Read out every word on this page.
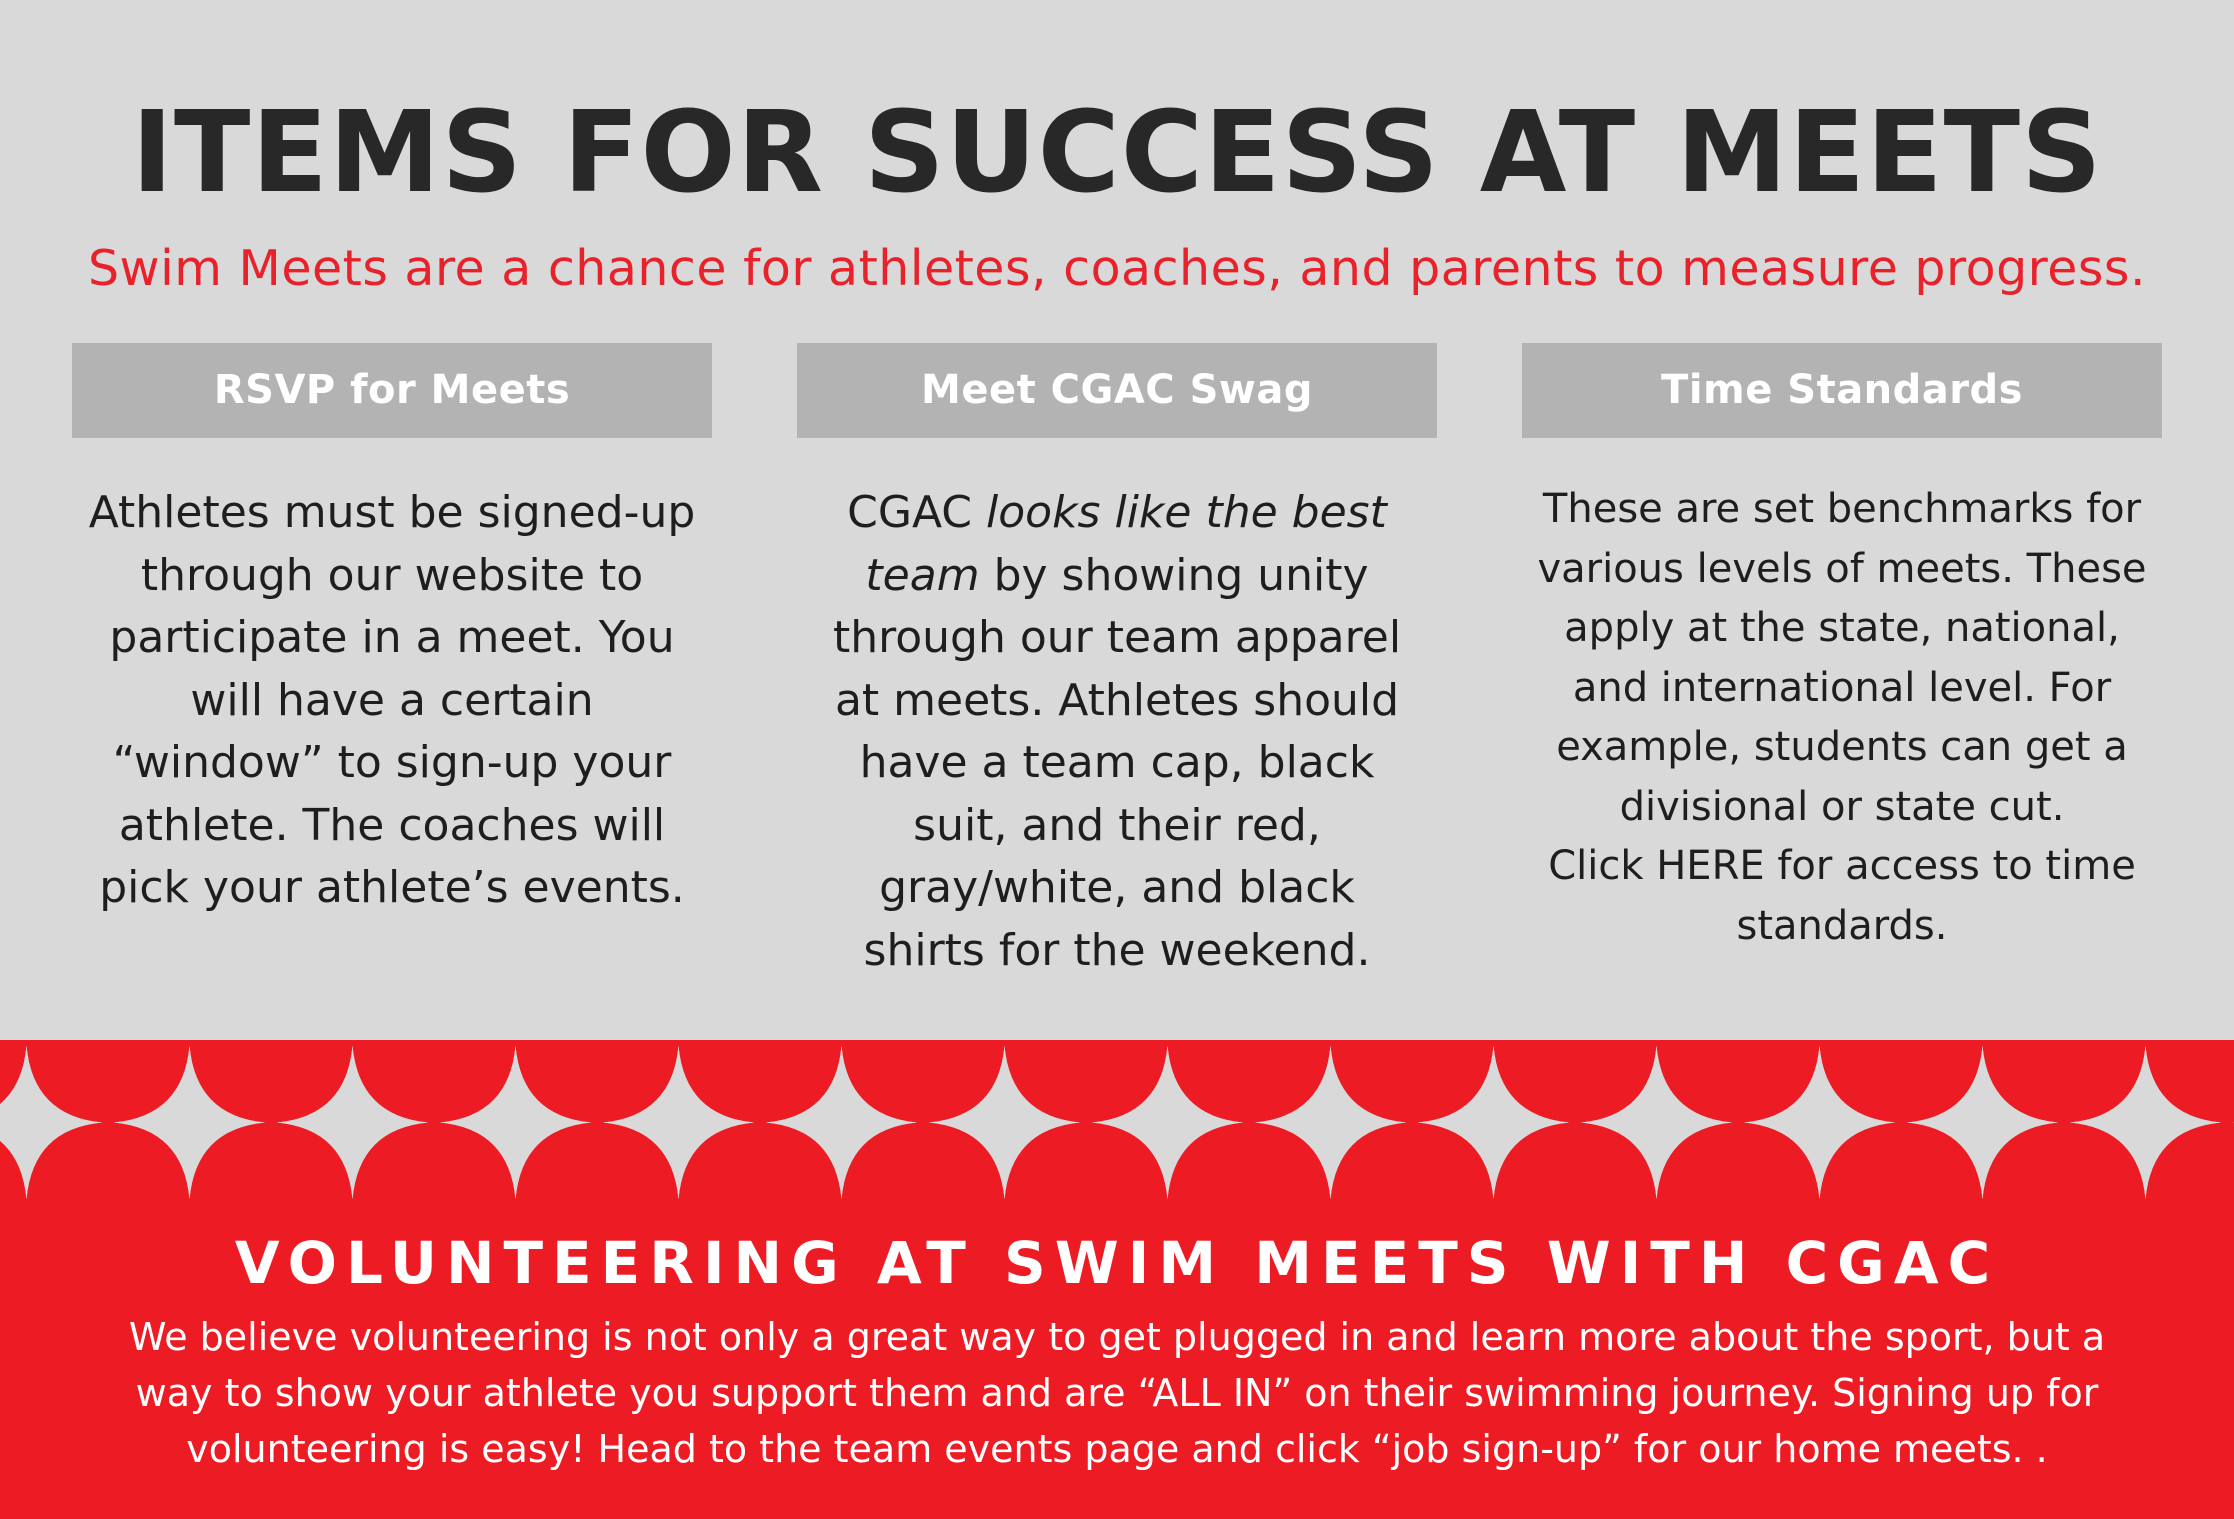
ITEMS FOR SUCCESS AT MEETS
Swim Meets are a chance for athletes, coaches, and parents to measure progress.
RSVP for Meets

Athletes must be signed-up

through our website to

participate in a meet. You

will have a certain

“window” to sign-up your

athlete. The coaches will

pick your athlete’s events.

Meet CGAC Swag

CGAC looks like the best

team by showing unity

through our team apparel

at meets. Athletes should

have a team cap, black

suit, and their red,

gray/white, and black

shirts for the weekend.

Time Standards

These are set benchmarks for

various levels of meets. These

apply at the state, national,

and international level. For

example, students can get a

divisional or state cut.

Click HERE for access to time

standards.

VOLUNTEERING AT SWIM MEETS WITH CGAC

We believe volunteering is not only a great way to get plugged in and learn more about the sport, but a

way to show your athlete you support them and are “ALL IN” on their swimming journey. Signing up for

volunteering is easy! Head to the team events page and click “job sign-up” for our home meets. .
